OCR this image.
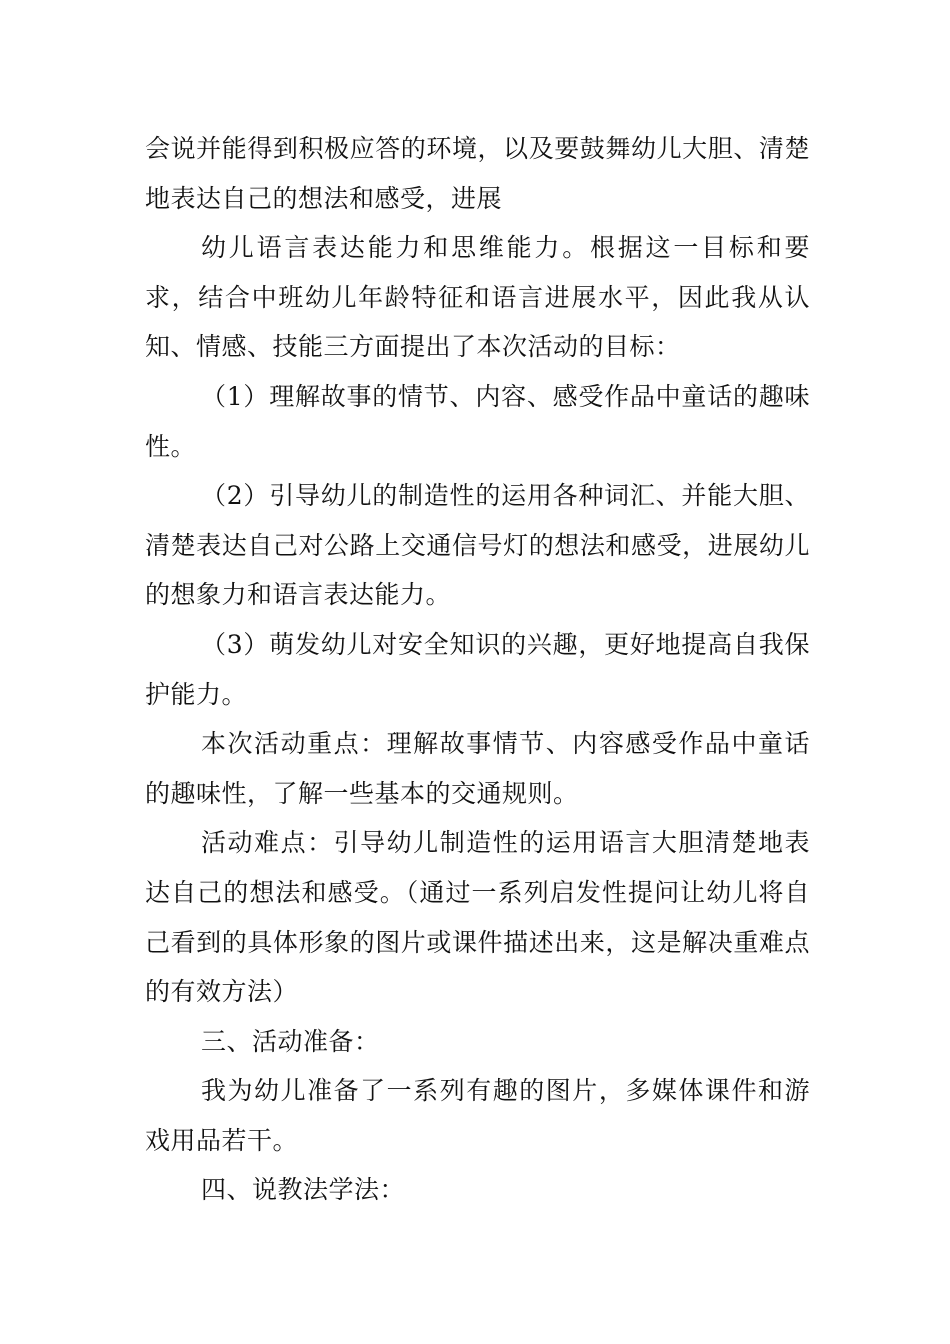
会说并能得到积极应答的环境，以及要鼓舞幼儿大胆、清楚地表达自己的想法和感受，进展

幼儿语言表达能力和思维能力。根据这一目标和要求，结合中班幼儿年龄特征和语言进展水平，因此我从认知、情感、技能三方面提出了本次活动的目标：

（1）理解故事的情节、内容、感受作品中童话的趣味性。

（2）引导幼儿的制造性的运用各种词汇、并能大胆、清楚表达自己对公路上交通信号灯的想法和感受，进展幼儿的想象力和语言表达能力。

（3）萌发幼儿对安全知识的兴趣，更好地提高自我保护能力。

本次活动重点：理解故事情节、内容感受作品中童话的趣味性，了解一些基本的交通规则。

活动难点：引导幼儿制造性的运用语言大胆清楚地表达自己的想法和感受。（通过一系列启发性提问让幼儿将自己看到的具体形象的图片或课件描述出来，这是解决重难点的有效方法）

三、活动准备：

我为幼儿准备了一系列有趣的图片，多媒体课件和游戏用品若干。

四、说教法学法：
